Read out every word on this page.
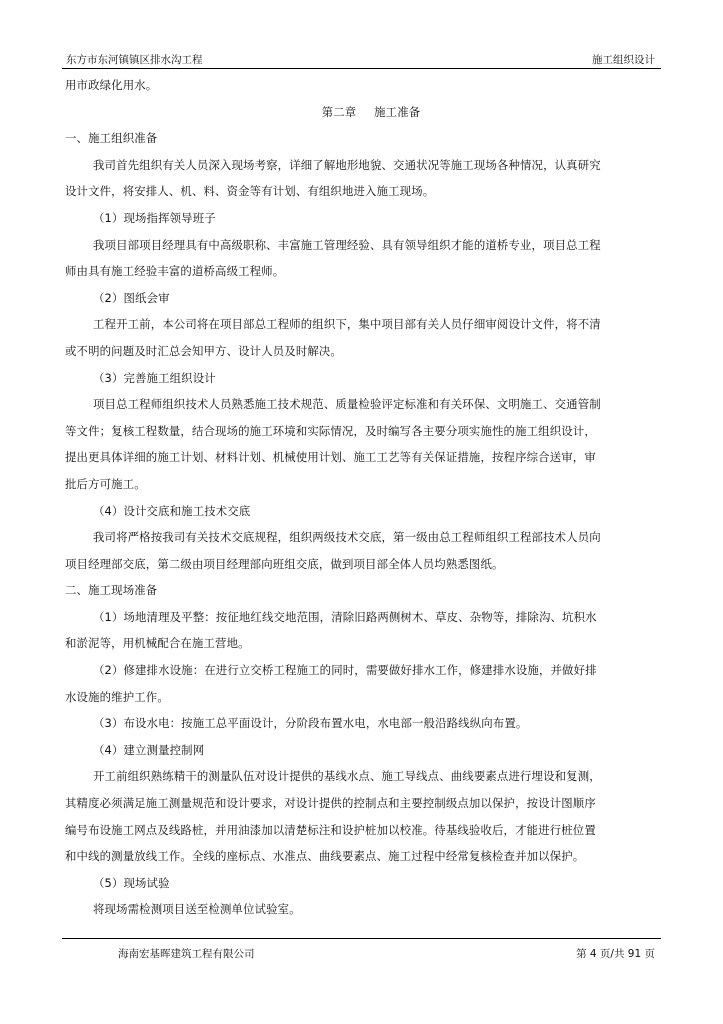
东方市东河镇镇区排水沟工程	施工组织设计

用市政绿化用水。

第二章 施工准备

一、施工组织准备

我司首先组织有关人员深入现场考察，详细了解地形地貌、交通状况等施工现场各种情况，认真研究

设计文件，将安排人、机、料、资金等有计划、有组织地进入施工现场。

（1）现场指挥领导班子

我项目部项目经理具有中高级职称、丰富施工管理经验、具有领导组织才能的道桥专业，项目总工程

师由具有施工经验丰富的道桥高级工程师。

（2）图纸会审

工程开工前，本公司将在项目部总工程师的组织下，集中项目部有关人员仔细审阅设计文件，将不清

或不明的问题及时汇总会知甲方、设计人员及时解决。

（3）完善施工组织设计

项目总工程师组织技术人员熟悉施工技术规范、质量检验评定标准和有关环保、文明施工、交通管制

等文件；复核工程数量，结合现场的施工环境和实际情况，及时编写各主要分项实施性的施工组织设计，

提出更具体详细的施工计划、材料计划、机械使用计划、施工工艺等有关保证措施，按程序综合送审，审

批后方可施工。

（4）设计交底和施工技术交底

我司将严格按我司有关技术交底规程，组织两级技术交底，第一级由总工程师组织工程部技术人员向

项目经理部交底，第二级由项目经理部向班组交底，做到项目部全体人员均熟悉图纸。

二、施工现场准备

（1）场地清理及平整：按征地红线交地范围，清除旧路两侧树木、草皮、杂物等，排除沟、坑积水

和淤泥等，用机械配合在施工营地。

（2）修建排水设施：在进行立交桥工程施工的同时，需要做好排水工作，修建排水设施，并做好排

水设施的维护工作。

（3）布设水电：按施工总平面设计，分阶段布置水电，水电部一般沿路线纵向布置。

（4）建立测量控制网

开工前组织熟练精干的测量队伍对设计提供的基线水点、施工导线点、曲线要素点进行埋设和复测，

其精度必须满足施工测量规范和设计要求，对设计提供的控制点和主要控制级点加以保护，按设计图顺序

编号布设施工网点及线路桩，并用油漆加以清楚标注和设护桩加以校准。待基线验收后，才能进行桩位置

和中线的测量放线工作。全线的座标点、水准点、曲线要素点、施工过程中经常复核检查并加以保护。

（5）现场试验

将现场需检测项目送至检测单位试验室。

海南宏基晖建筑工程有限公司	第 4 页/共 91 页
